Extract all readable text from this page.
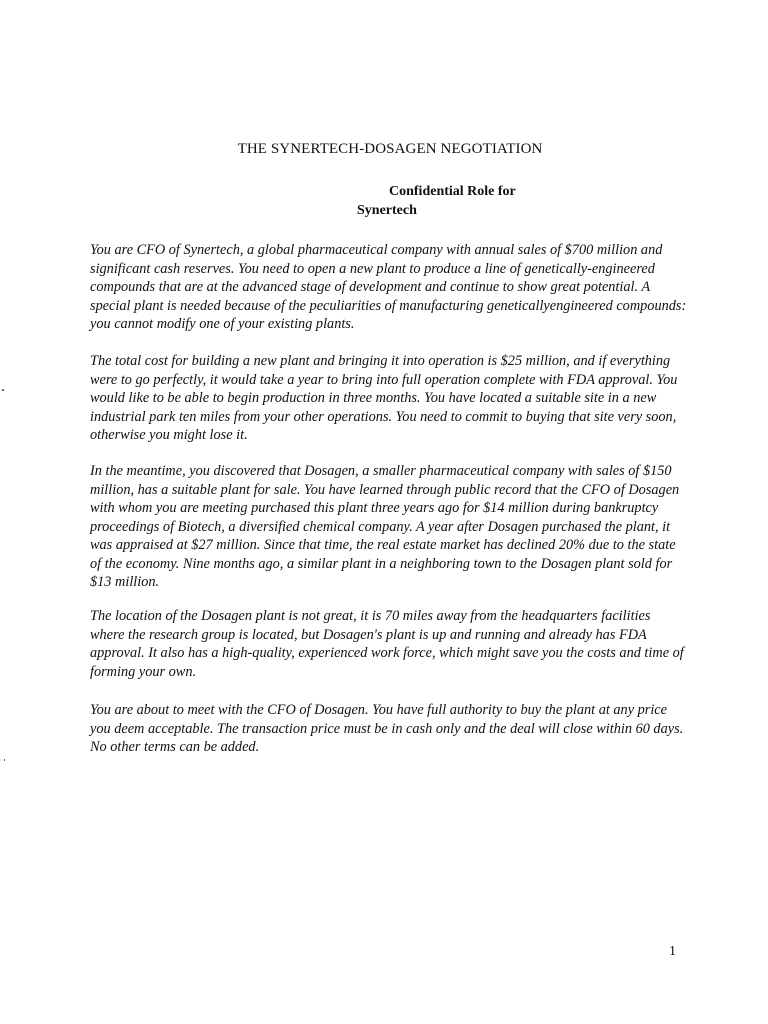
THE SYNERTECH-DOSAGEN NEGOTIATION
Confidential Role for
Synertech

You are CFO of Synertech, a global pharmaceutical company with annual sales of $700 million and significant cash reserves. You need to open a new plant to produce a line of genetically-engineered compounds that are at the advanced stage of development and continue to show great potential. A special plant is needed because of the peculiarities of manufacturing geneticallyengineered compounds: you cannot modify one of your existing plants.

The total cost for building a new plant and bringing it into operation is $25 million, and if everything were to go perfectly, it would take a year to bring into full operation complete with FDA approval. You would like to be able to begin production in three months. You have located a suitable site in a new industrial park ten miles from your other operations. You need to commit to buying that site very soon, otherwise you might lose it.

In the meantime, you discovered that Dosagen, a smaller pharmaceutical company with sales of $150 million, has a suitable plant for sale. You have learned through public record that the CFO of Dosagen with whom you are meeting purchased this plant three years ago for $14 million during bankruptcy proceedings of Biotech, a diversified chemical company. A year after Dosagen purchased the plant, it was appraised at $27 million. Since that time, the real estate market has declined 20% due to the state of the economy. Nine months ago, a similar plant in a neighboring town to the Dosagen plant sold for $13 million.

The location of the Dosagen plant is not great, it is 70 miles away from the headquarters facilities where the research group is located, but Dosagen's plant is up and running and already has FDA approval. It also has a high-quality, experienced work force, which might save you the costs and time of forming your own.

You are about to meet with the CFO of Dosagen. You have full authority to buy the plant at any price you deem acceptable. The transaction price must be in cash only and the deal will close within 60 days. No other terms can be added.

1
